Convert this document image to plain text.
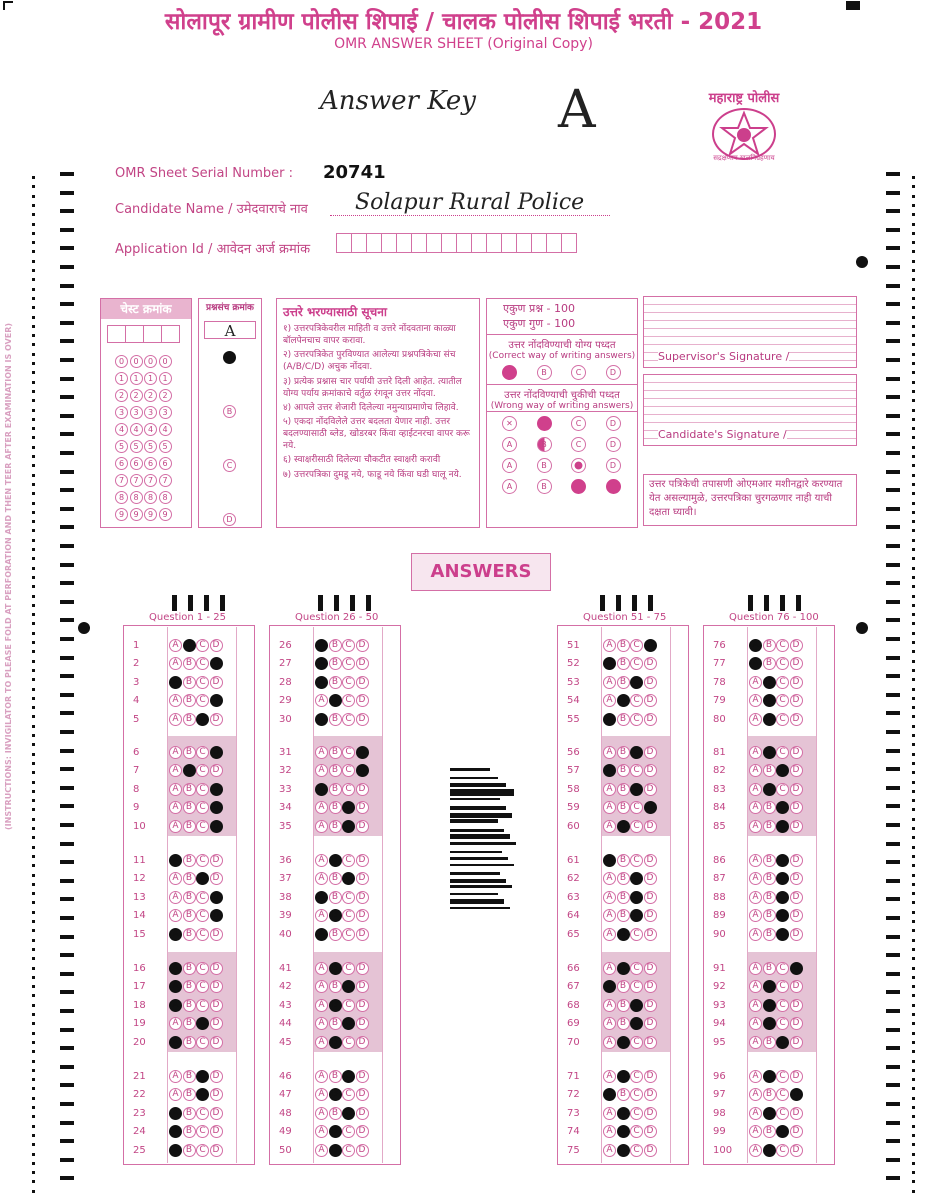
सोलापूर ग्रामीण पोलीस शिपाई / चालक पोलीस शिपाई भरती - 2021
OMR ANSWER SHEET (Original Copy)
Answer Key A	महाराष्ट्र पोलीस
सद्रक्षणाय खलनिग्रहणाय
OMR Sheet Serial Number : 20741
Candidate Name / उमेदवाराचे नाव Solapur Rural Police
Application Id / आवेदन अर्ज क्रमांक
चेस्ट क्रमांक
0 0 0 0
1 1 1 1
2 2 2 2
3 3 3 3
4 4 4 4
5 5 5 5
6 6 6 6
7 7 7 7
8 8 8 8
9 9 9 9
प्रश्नसंच क्रमांक
A
A
B
C
D
उत्तरे भरण्यासाठी सूचना
१) उत्तरपत्रिकेवरील माहिती व उत्तरे नोंदवताना काळ्या बॉलपेनचाच वापर करावा.
२) उत्तरपत्रिकेत पुरविण्यात आलेल्या प्रश्नपत्रिकेचा संच (A/B/C/D) अचुक नोंदवा.
३) प्रत्येक प्रश्नास चार पर्यायी उत्तरे दिली आहेत. त्यातील योग्य पर्याय क्रमांकाचे वर्तुळ रंगवून उत्तर नोंदवा.
४) आपले उत्तर शेजारी दिलेल्या नमुन्याप्रमाणेच लिहावे.
५) एकदा नोंदविलेले उत्तर बदलता येणार नाही. उत्तर बदलण्यासाठी ब्लेड, खोडरबर किंवा व्हाईटनरचा वापर करू नये.
६) स्वाक्षरीसाठी दिलेल्या चौकटीत स्वाक्षरी करावी
७) उत्तरपत्रिका दुमडू नये, फाडू नये किंवा घडी घालू नये.
एकुण प्रश्न - 100
एकुण गुण - 100
उत्तर नोंदविण्याची योग्य पध्दत
(Correct way of writing answers)
A	B	C	D
उत्तर नोंदविण्याची चुकीची पध्दत
(Wrong way of writing answers)
✕	B	C	D
A	B	C	D
A	B	C	D
A	B	C	D
Supervisor's Signature /
Candidate's Signature /
उत्तर पत्रिकेची तपासणी ओएमआर मशीनद्वारे करण्यात येत असल्यामुळे, उत्तरपत्रिका चुरगळणार नाही याची दक्षता घ्यावी।
(INSTRUCTIONS: INVIGILATOR TO PLEASE FOLD AT PERFORATION AND THEN TEER AFTER EXAMINATION IS OVER)	ANSWERS
Question 1 - 25
1	A B C D
2	A B C D
3	A B C D
4	A B C D
5	A B C D
6	A B C D
7	A B C D
8	A B C D
9	A B C D
10	A B C D
11	A B C D
12	A B C D
13	A B C D
14	A B C D
15	A B C D
16	A B C D
17	A B C D
18	A B C D
19	A B C D
20	A B C D
21	A B C D
22	A B C D
23	A B C D
24	A B C D
25	A B C D
Question 26 - 50
26	A B C D
27	A B C D
28	A B C D
29	A B C D
30	A B C D
31	A B C D
32	A B C D
33	A B C D
34	A B C D
35	A B C D
36	A B C D
37	A B C D
38	A B C D
39	A B C D
40	A B C D
41	A B C D
42	A B C D
43	A B C D
44	A B C D
45	A B C D
46	A B C D
47	A B C D
48	A B C D
49	A B C D
50	A B C D
Question 51 - 75
51	A B C D
52	A B C D
53	A B C D
54	A B C D
55	A B C D
56	A B C D
57	A B C D
58	A B C D
59	A B C D
60	A B C D
61	A B C D
62	A B C D
63	A B C D
64	A B C D
65	A B C D
66	A B C D
67	A B C D
68	A B C D
69	A B C D
70	A B C D
71	A B C D
72	A B C D
73	A B C D
74	A B C D
75	A B C D
Question 76 - 100
76	A B C D
77	A B C D
78	A B C D
79	A B C D
80	A B C D
81	A B C D
82	A B C D
83	A B C D
84	A B C D
85	A B C D
86	A B C D
87	A B C D
88	A B C D
89	A B C D
90	A B C D
91	A B C D
92	A B C D
93	A B C D
94	A B C D
95	A B C D
96	A B C D
97	A B C D
98	A B C D
99	A B C D
100	A B C D
